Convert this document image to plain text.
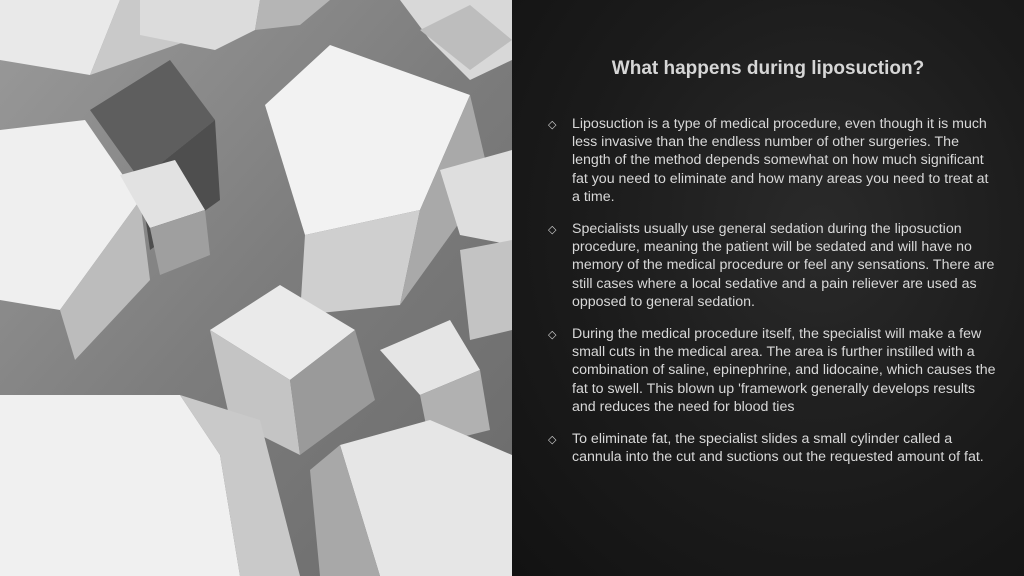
What happens during liposuction?
◇ Liposuction is a type of medical procedure, even though it is much less invasive than the endless number of other surgeries. The length of the method depends somewhat on how much significant fat you need to eliminate and how many areas you need to treat at a time.
◇ Specialists usually use general sedation during the liposuction procedure, meaning the patient will be sedated and will have no memory of the medical procedure or feel any sensations. There are still cases where a local sedative and a pain reliever are used as opposed to general sedation.
◇ During the medical procedure itself, the specialist will make a few small cuts in the medical area. The area is further instilled with a combination of saline, epinephrine, and lidocaine, which causes the fat to swell. This blown up 'framework generally develops results and reduces the need for blood ties
◇ To eliminate fat, the specialist slides a small cylinder called a cannula into the cut and suctions out the requested amount of fat.
